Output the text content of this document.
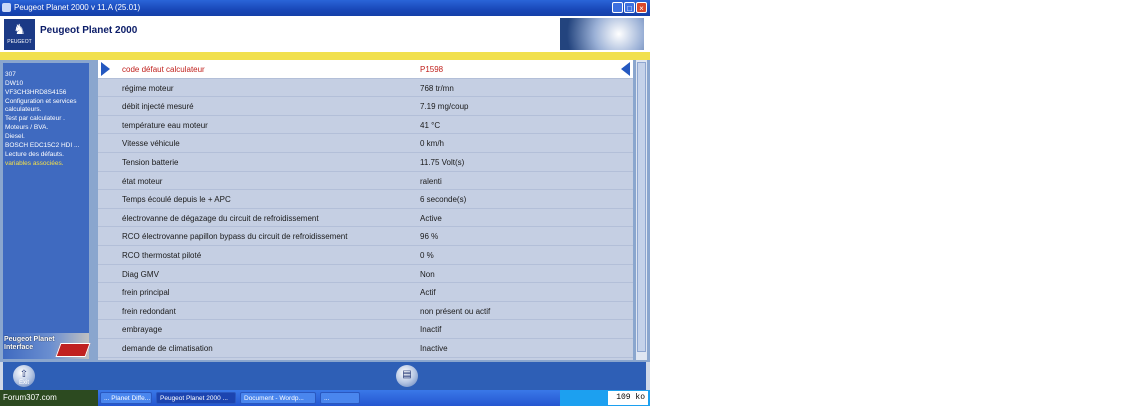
Peugeot Planet 2000 v 11.A (25.01)	_ □ ×
♞
PEUGEOT
Peugeot Planet 2000
307
DW10
VF3CH3HRD8S4156
Configuration et services calculateurs.
Test par calculateur .
Moteurs / BVA.
Diesel.
BOSCH EDC15C2 HDI ...
Lecture des défauts.
variables associées.
Peugeot Planet
Interface
code défaut calculateur	P1598
régime moteur	768 tr/mn
débit injecté mesuré	7.19 mg/coup
température eau moteur	41 °C
Vitesse véhicule	0 km/h
Tension batterie	11.75 Volt(s)
état moteur	ralenti
Temps écoulé depuis le + APC	6 seconde(s)
électrovanne de dégazage du circuit de refroidissement	Active
RCO électrovanne papillon bypass du circuit de refroidissement	96 %
RCO thermostat piloté	0 %
Diag GMV	Non
frein principal	Actif
frein redondant	non présent ou actif
embrayage	Inactif
demande de climatisation	Inactive
⇧
Exit
▤
Forum307.com	... Planet Diffe...	Peugeot Planet 2000 ...	Document - Wordp...	...	FR
109 ko
